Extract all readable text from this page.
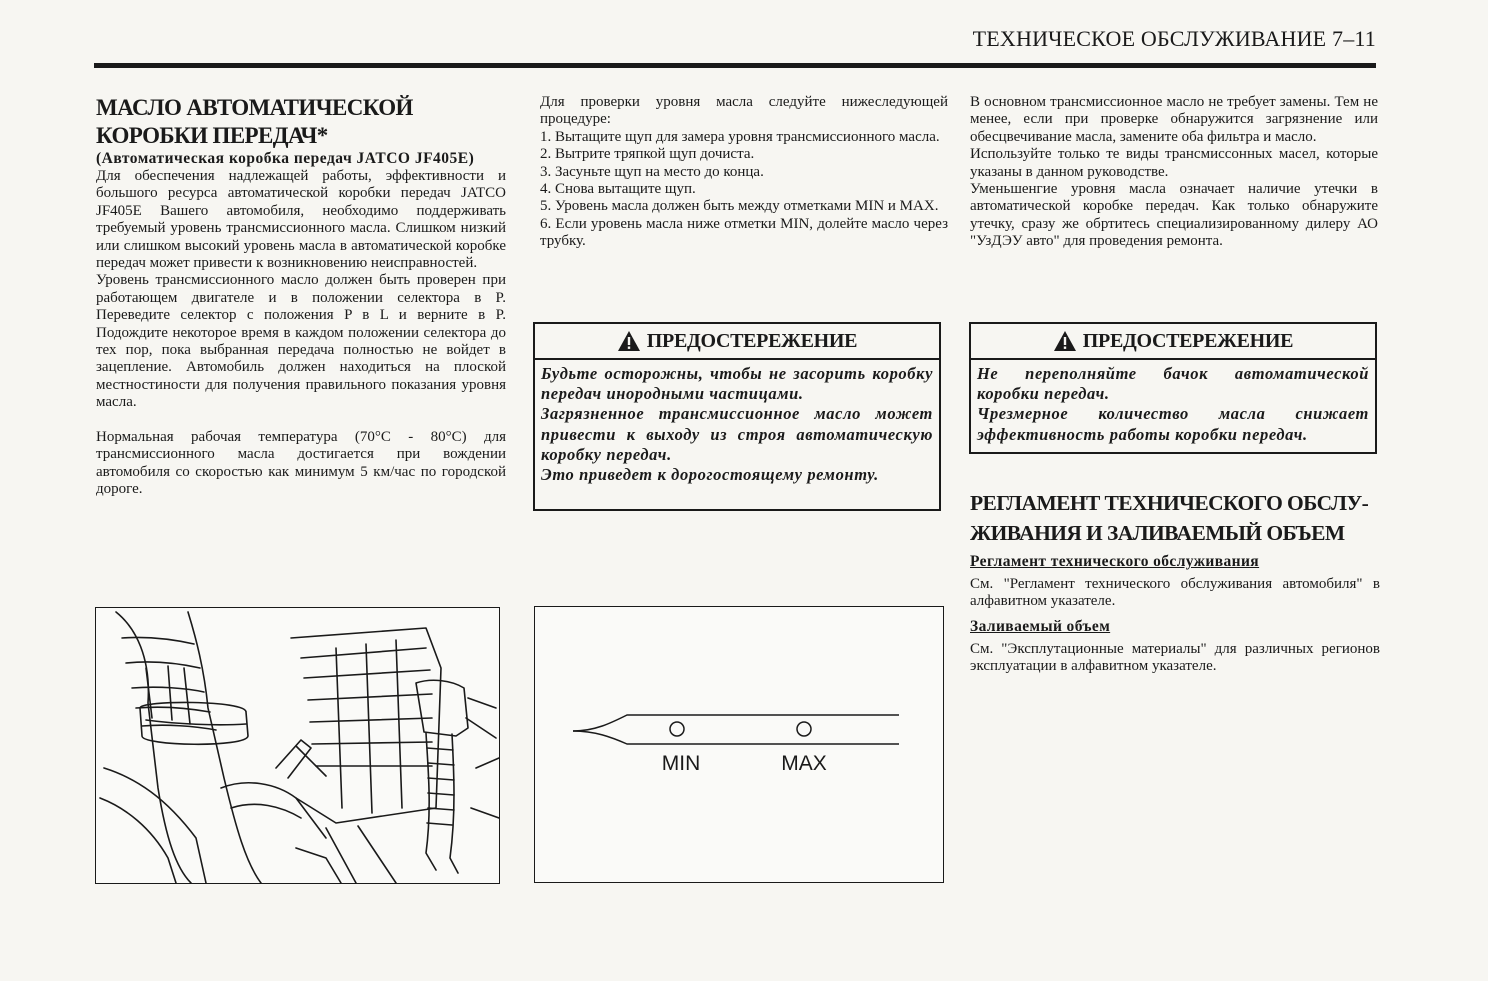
ТЕХНИЧЕСКОЕ ОБСЛУЖИВАНИЕ 7–11

МАСЛО АВТОМАТИЧЕСКОЙ

КОРОБКИ ПЕРЕДАЧ*

(Автоматическая коробка передач JATCO JF405E)

Для обеспечения надлежащей работы, эффективности и большого ресурса автоматической коробки передач JATCO JF405E Вашего автомобиля, необходимо поддерживать требуемый уровень трансмиссионного масла. Слишком низкий или слишком высокий уровень масла в автоматической коробке передач может привести к возникновению неисправностей.

Уровень трансмиссионного масло должен быть проверен при работающем двигателе и в положении селектора в P. Переведите селектор с положения P в L и верните в P. Подождите некоторое время в каждом положении селектора до тех пор, пока выбранная передача полностью не войдет в зацепление. Автомобиль должен находиться на плоской местностиности для получения правильного показания уровня масла.

Нормальная рабочая температура (70°С - 80°С) для трансмиссионного масла достигается при вождении автомобиля со скоростью как минимум 5 км/час по городской дороге.

Для проверки уровня масла следуйте нижеследующей процедуре:

1. Вытащите щуп для замера уровня трансмиссионного масла.

2. Вытрите тряпкой щуп дочиста.

3. Засуньте щуп на место до конца.

4. Снова вытащите щуп.

5. Уровень масла должен быть между отметками MIN и MAX.

6. Если уровень масла ниже отметки MIN, долейте масло через трубку.

ПРЕДОСТЕРЕЖЕНИЕ

Будьте осторожны, чтобы не засорить коробку передач инородными частицами.

Загрязненное трансмиссионное масло может привести к выходу из строя автоматическую коробку передач.

Это приведет к дорогостоящему ремонту.

В основном трансмиссионное масло не требует замены. Тем не менее, если при проверке обнаружится загрязнение или обесцвечивание масла, замените оба фильтра и масло.

Используйте только те виды трансмиссонных масел, которые указаны в данном руководстве.

Уменьшенгие уровня масла означает наличие утечки в автоматической коробке передач. Как только обнаружите утечку, сразу же обртитесь специализированному дилеру АО "УзДЭУ авто" для проведения ремонта.

ПРЕДОСТЕРЕЖЕНИЕ

Не переполняйте бачок автоматической коробки передач.

Чрезмерное количество масла снижает эффективность работы коробки передач.

РЕГЛАМЕНТ ТЕХНИЧЕСКОГО ОБСЛУ-

ЖИВАНИЯ И ЗАЛИВАЕМЫЙ ОБЪЕМ

Регламент технического обслуживания

См. "Регламент технического обслуживания автомобиля" в алфавитном указателе.

Заливаемый объем

См. "Эксплутационные материалы" для различных регионов эксплуатации в алфавитном указателе.

MIN	MAX
